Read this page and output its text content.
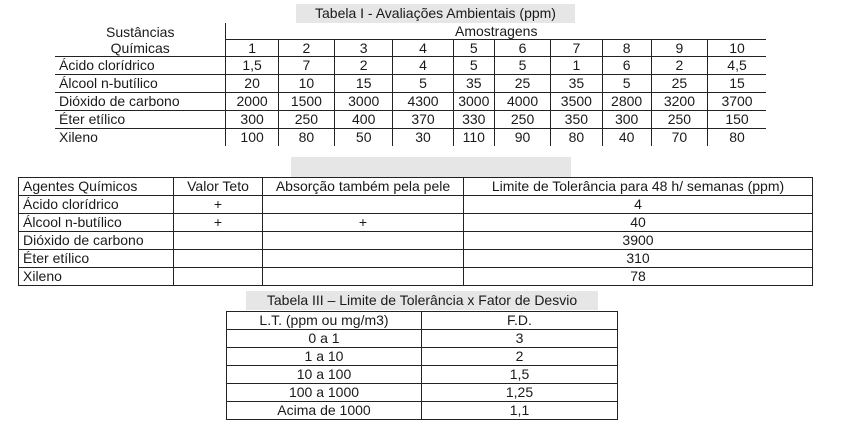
Tabela I - Avaliações Ambientais (ppm)
Sustâncias
Químicas	Amostragens									
	1	2	3	4	5	6	7	8	9	10
Ácido clorídrico	1,5	7	2	4	5	5	1	6	2	4,5
Álcool n-butílico	20	10	15	5	35	25	35	5	25	15
Dióxido de carbono	2000	1500	3000	4300	3000	4000	3500	2800	3200	3700
Éter etílico	300	250	400	370	330	250	350	300	250	150
Xileno	100	80	50	30	110	90	80	40	70	80
Agentes Químicos	Valor Teto	Absorção também pela pele	Limite de Tolerância para 48 h/ semanas (ppm)
Ácido clorídrico	+		4
Álcool n-butílico	+	+	40
Dióxido de carbono			3900
Éter etílico			310
Xileno			78
Tabela III – Limite de Tolerância x Fator de Desvio
L.T. (ppm ou mg/m3)	F.D.
0 a 1	3
1 a 10	2
10 a 100	1,5
100 a 1000	1,25
Acima de 1000	1,1
